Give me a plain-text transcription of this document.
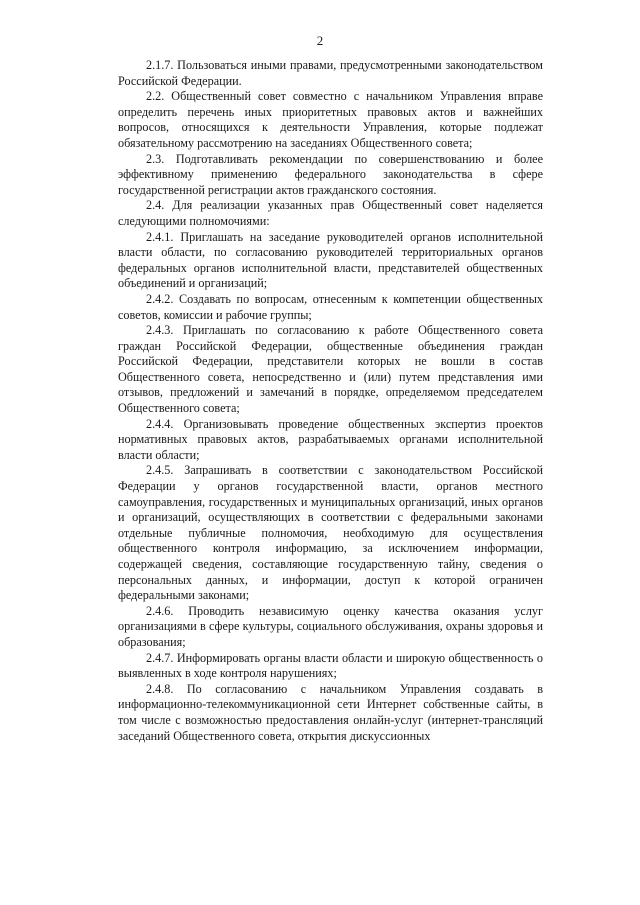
2

2.1.7. Пользоваться иными правами, предусмотренными законодательством Российской Федерации.

2.2. Общественный совет совместно с начальником Управления вправе определить перечень иных приоритетных правовых актов и важнейших вопросов, относящихся к деятельности Управления, которые подлежат обязательному рассмотрению на заседаниях Общественного совета;

2.3. Подготавливать рекомендации по совершенствованию и более эффективному применению федерального законодательства в сфере государственной регистрации актов гражданского состояния.

2.4. Для реализации указанных прав Общественный совет наделяется следующими полномочиями:

2.4.1. Приглашать на заседание руководителей органов исполнительной власти области, по согласованию руководителей территориальных органов федеральных органов исполнительной власти, представителей общественных объединений и организаций;

2.4.2. Создавать по вопросам, отнесенным к компетенции общественных советов, комиссии и рабочие группы;

2.4.3. Приглашать по согласованию к работе Общественного совета граждан Российской Федерации, общественные объединения граждан Российской Федерации, представители которых не вошли в состав Общественного совета, непосредственно и (или) путем представления ими отзывов, предложений и замечаний в порядке, определяемом председателем Общественного совета;

2.4.4. Организовывать проведение общественных экспертиз проектов нормативных правовых актов, разрабатываемых органами исполнительной власти области;

2.4.5. Запрашивать в соответствии с законодательством Российской Федерации у органов государственной власти, органов местного самоуправления, государственных и муниципальных организаций, иных органов и организаций, осуществляющих в соответствии с федеральными законами отдельные публичные полномочия, необходимую для осуществления общественного контроля информацию, за исключением информации, содержащей сведения, составляющие государственную тайну, сведения о персональных данных, и информации, доступ к которой ограничен федеральными законами;

2.4.6. Проводить независимую оценку качества оказания услуг организациями в сфере культуры, социального обслуживания, охраны здоровья и образования;

2.4.7. Информировать органы власти области и широкую общественность о выявленных в ходе контроля нарушениях;

2.4.8. По согласованию с начальником Управления создавать в информационно-телекоммуникационной сети Интернет собственные сайты, в том числе с возможностью предоставления онлайн-услуг (интернет-трансляций заседаний Общественного совета, открытия дискуссионных
